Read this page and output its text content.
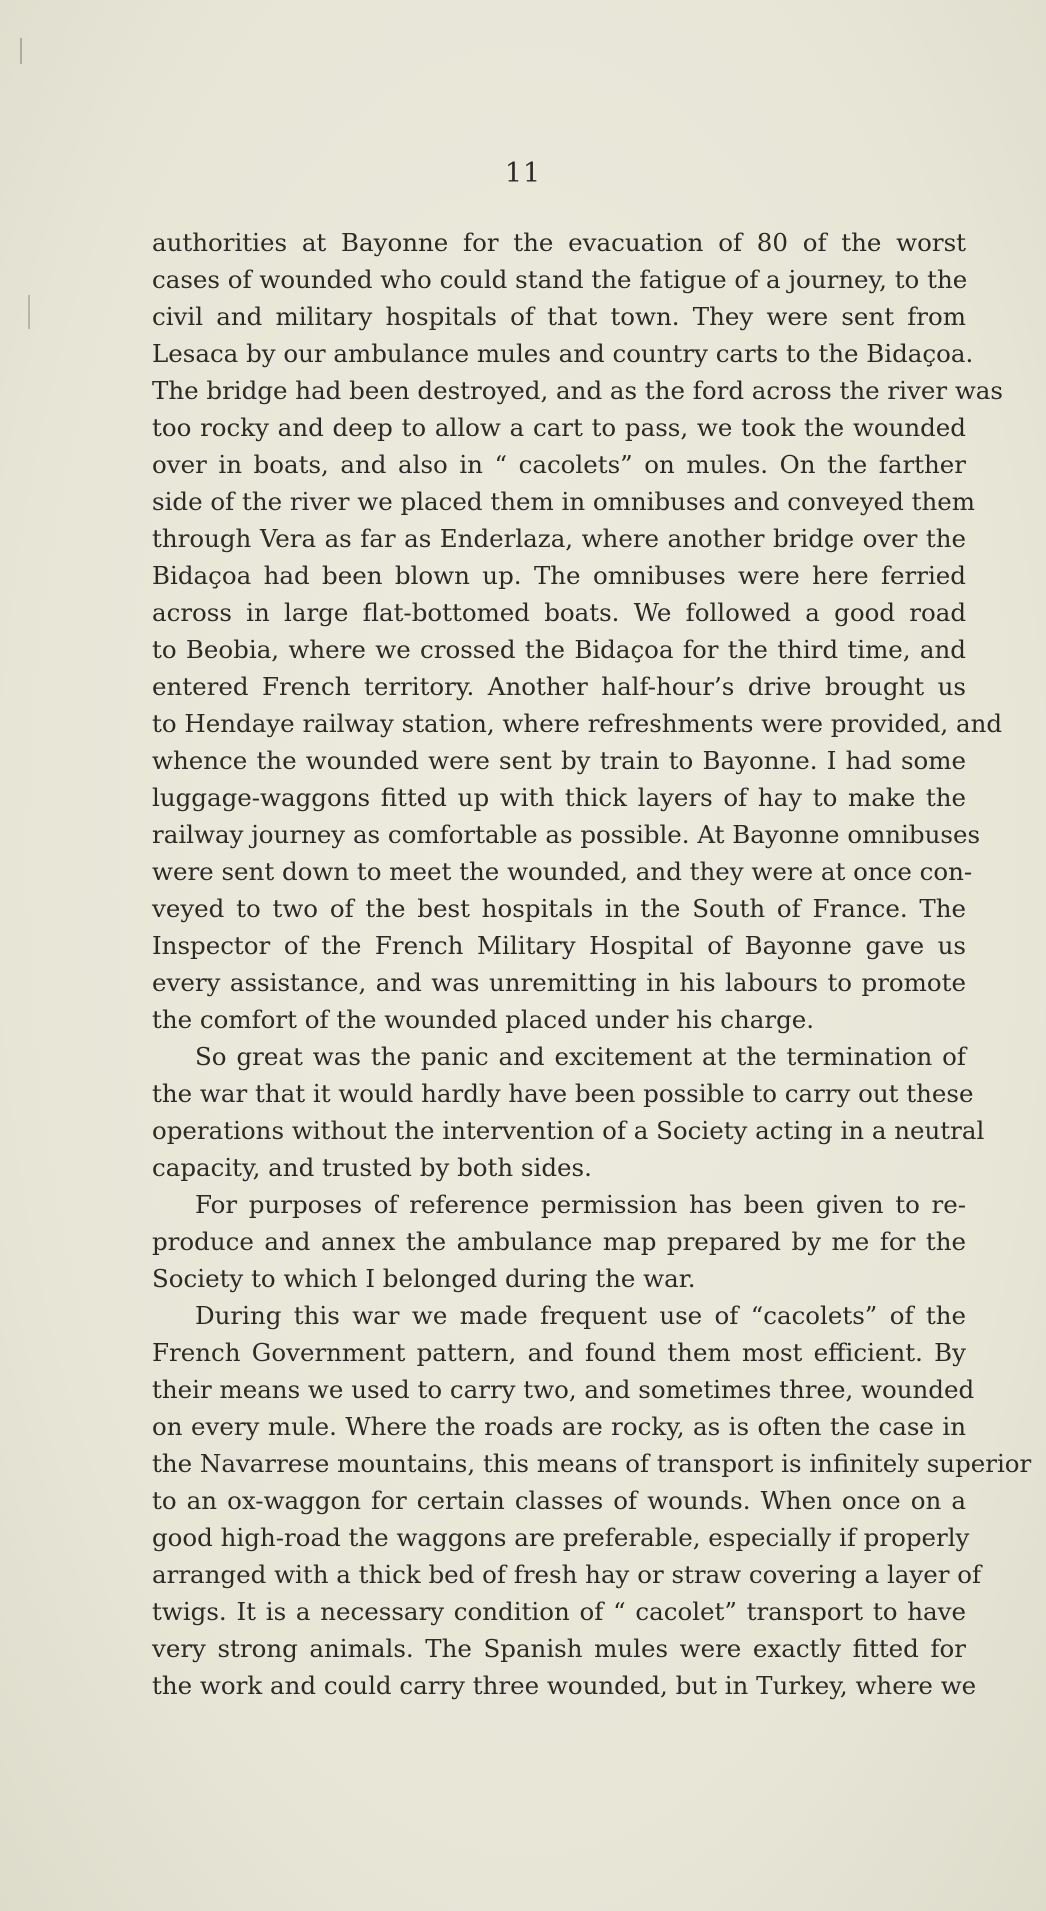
11
authorities at Bayonne for the evacuation of 80 of the worst
cases of wounded who could stand the fatigue of a journey, to the
civil and military hospitals of that town. They were sent from
Lesaca by our ambulance mules and country carts to the Bidaçoa.
The bridge had been destroyed, and as the ford across the river was
too rocky and deep to allow a cart to pass, we took the wounded
over in boats, and also in “ cacolets” on mules. On the farther
side of the river we placed them in omnibuses and conveyed them
through Vera as far as Enderlaza, where another bridge over the
Bidaçoa had been blown up. The omnibuses were here ferried
across in large flat-bottomed boats. We followed a good road
to Beobia, where we crossed the Bidaçoa for the third time, and
entered French territory. Another half-hour’s drive brought us
to Hendaye railway station, where refreshments were provided, and
whence the wounded were sent by train to Bayonne. I had some
luggage-waggons fitted up with thick layers of hay to make the
railway journey as comfortable as possible. At Bayonne omnibuses
were sent down to meet the wounded, and they were at once con-
veyed to two of the best hospitals in the South of France. The
Inspector of the French Military Hospital of Bayonne gave us
every assistance, and was unremitting in his labours to promote
the comfort of the wounded placed under his charge.
So great was the panic and excitement at the termination of
the war that it would hardly have been possible to carry out these
operations without the intervention of a Society acting in a neutral
capacity, and trusted by both sides.
For purposes of reference permission has been given to re-
produce and annex the ambulance map prepared by me for the
Society to which I belonged during the war.
During this war we made frequent use of “cacolets” of the
French Government pattern, and found them most efficient. By
their means we used to carry two, and sometimes three, wounded
on every mule. Where the roads are rocky, as is often the case in
the Navarrese mountains, this means of transport is infinitely superior
to an ox-waggon for certain classes of wounds. When once on a
good high-road the waggons are preferable, especially if properly
arranged with a thick bed of fresh hay or straw covering a layer of
twigs. It is a necessary condition of “ cacolet” transport to have
very strong animals. The Spanish mules were exactly fitted for
the work and could carry three wounded, but in Turkey, where we
